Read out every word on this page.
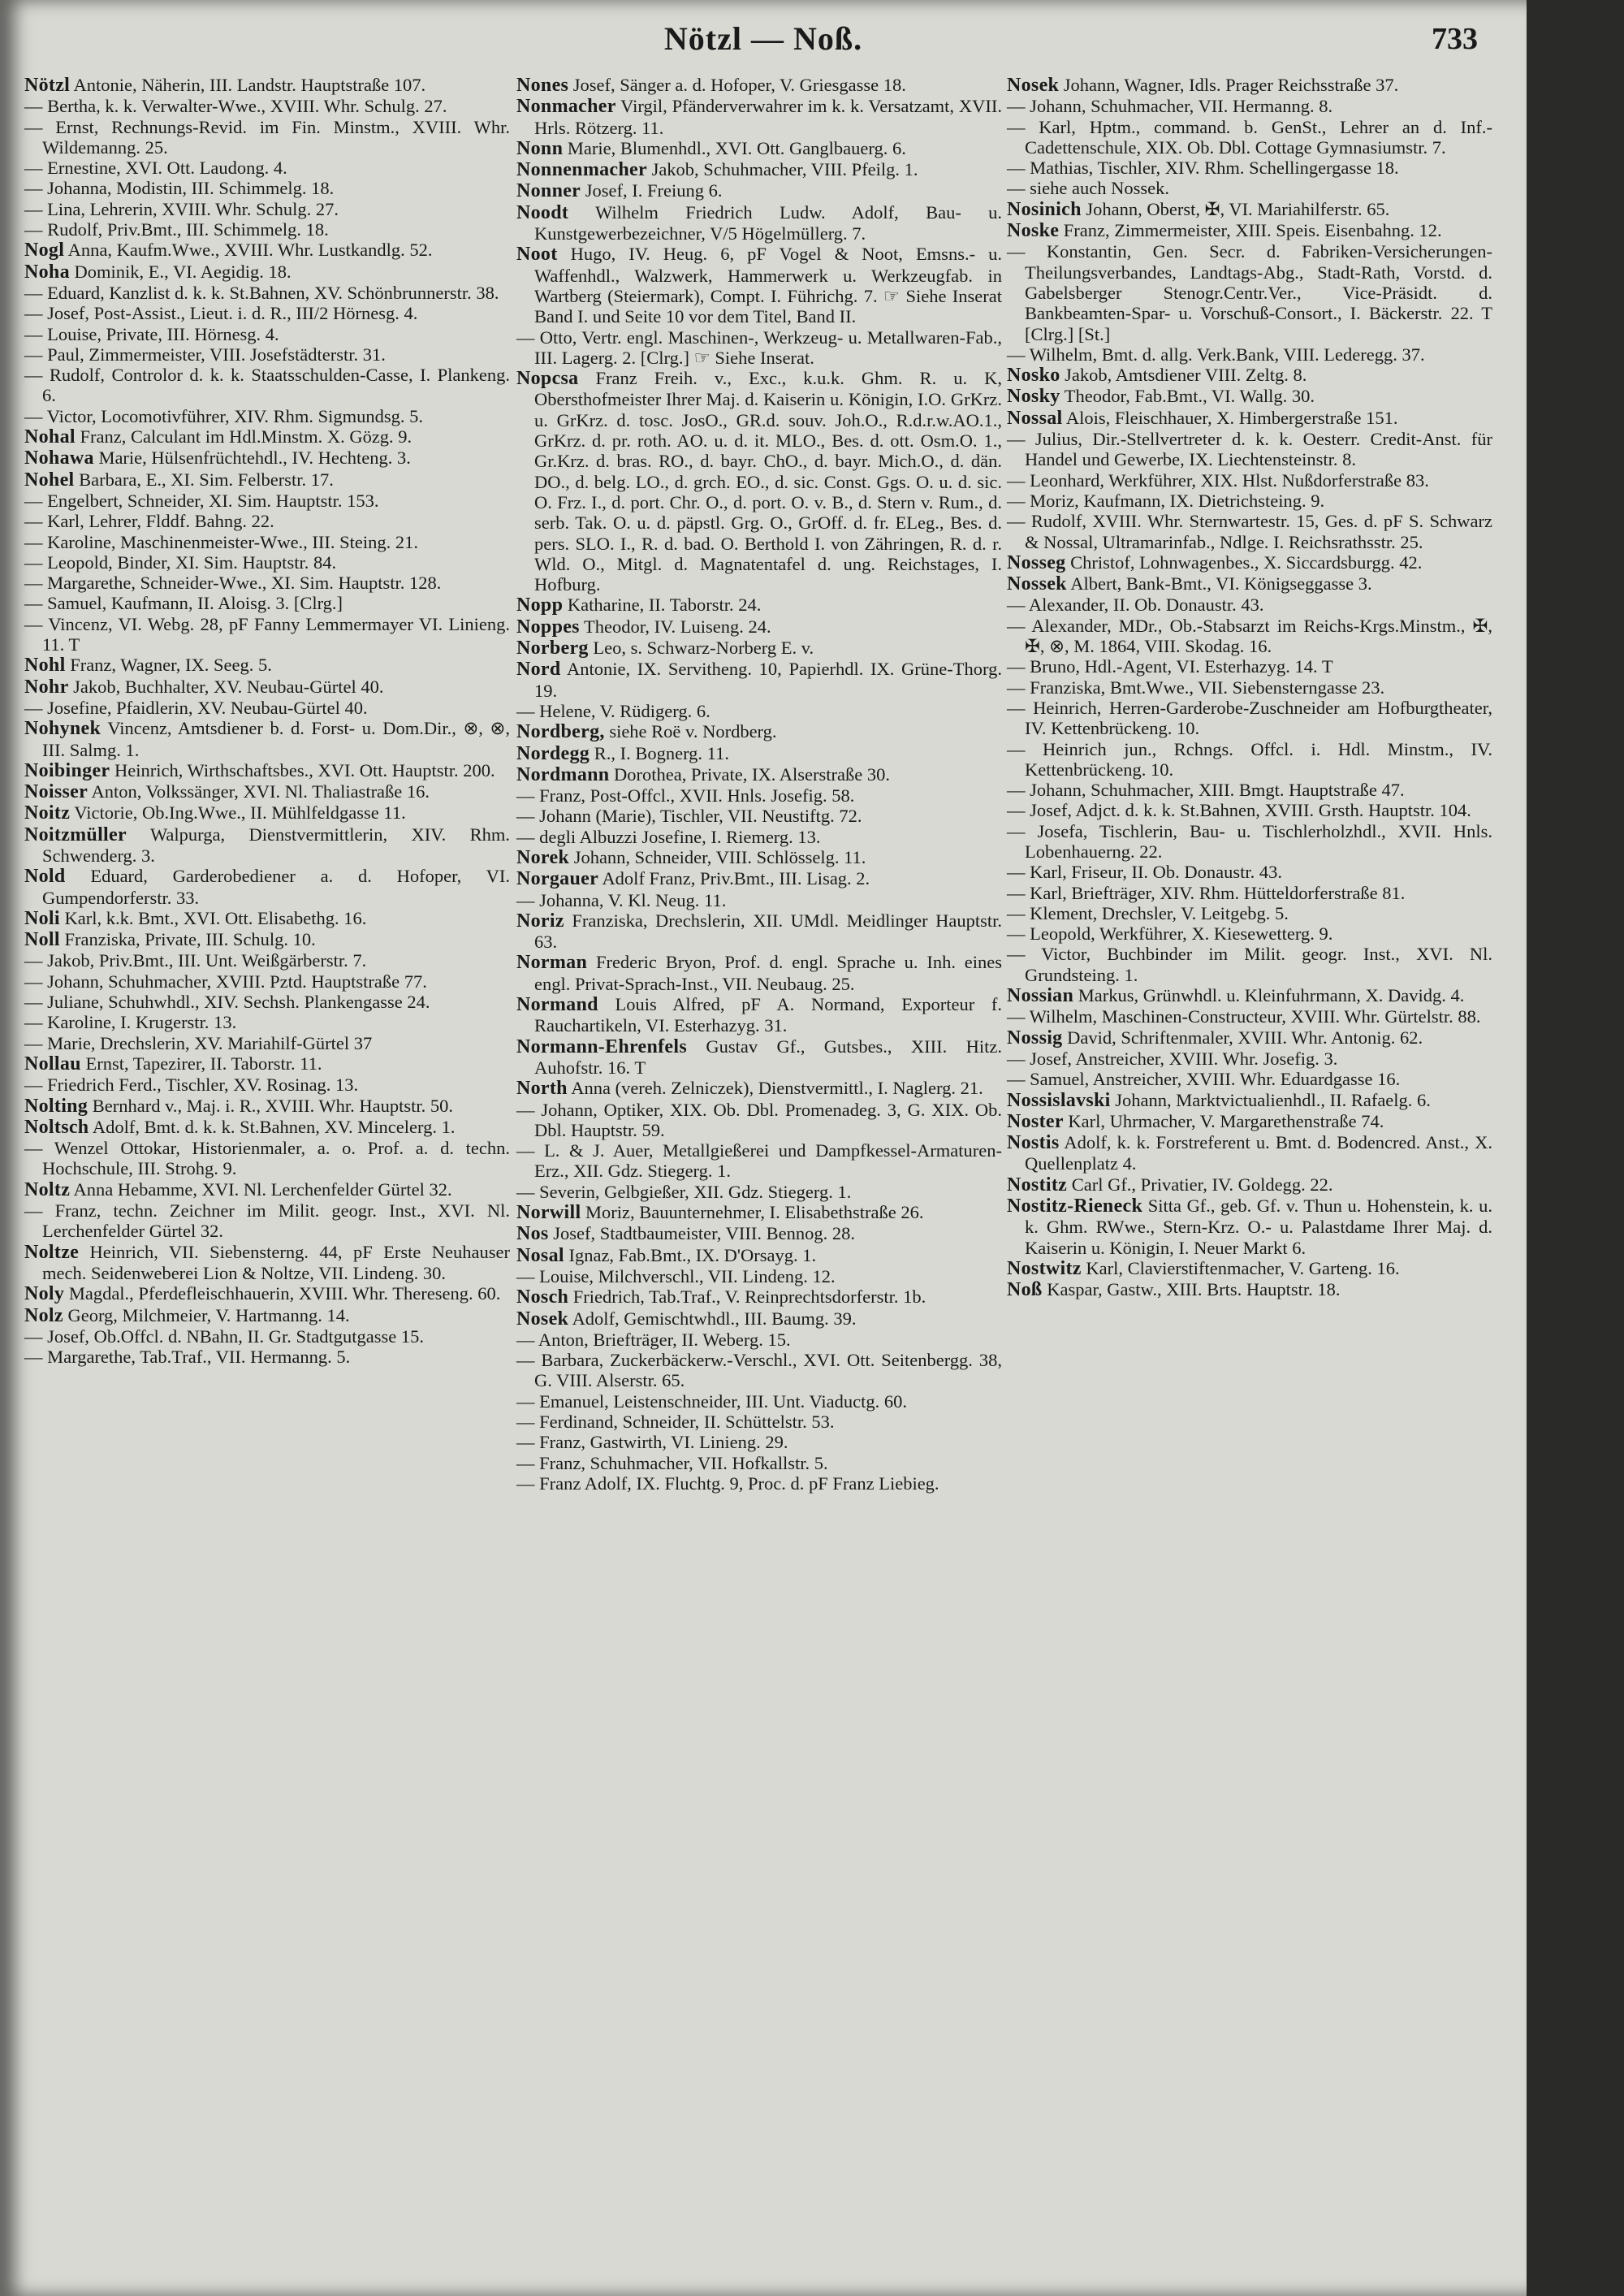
Nötzl — Noß.	733
Nötzl Antonie, Näherin, III. Landstr. Hauptstraße 107.
— Bertha, k. k. Verwalter-Wwe., XVIII. Whr. Schulg. 27.
— Ernst, Rechnungs-Revid. im Fin. Minstm., XVIII. Whr. Wildemanng. 25.
— Ernestine, XVI. Ott. Laudong. 4.
— Johanna, Modistin, III. Schimmelg. 18.
— Lina, Lehrerin, XVIII. Whr. Schulg. 27.
— Rudolf, Priv.Bmt., III. Schimmelg. 18.
Nogl Anna, Kaufm.Wwe., XVIII. Whr. Lustkandlg. 52.
Noha Dominik, E., VI. Aegidig. 18.
— Eduard, Kanzlist d. k. k. St.Bahnen, XV. Schönbrunnerstr. 38.
— Josef, Post-Assist., Lieut. i. d. R., III/2 Hörnesg. 4.
— Louise, Private, III. Hörnesg. 4.
— Paul, Zimmermeister, VIII. Josefstädterstr. 31.
— Rudolf, Controlor d. k. k. Staatsschulden-Casse, I. Plankeng. 6.
— Victor, Locomotivführer, XIV. Rhm. Sigmundsg. 5.
Nohal Franz, Calculant im Hdl.Minstm. X. Gözg. 9.
Nohawa Marie, Hülsenfrüchtehdl., IV. Hechteng. 3.
Nohel Barbara, E., XI. Sim. Felberstr. 17.
— Engelbert, Schneider, XI. Sim. Hauptstr. 153.
— Karl, Lehrer, Flddf. Bahng. 22.
— Karoline, Maschinenmeister-Wwe., III. Steing. 21.
— Leopold, Binder, XI. Sim. Hauptstr. 84.
— Margarethe, Schneider-Wwe., XI. Sim. Hauptstr. 128.
— Samuel, Kaufmann, II. Aloisg. 3. [Clrg.]
— Vincenz, VI. Webg. 28, pF Fanny Lemmermayer VI. Linieng. 11. T
Nohl Franz, Wagner, IX. Seeg. 5.
Nohr Jakob, Buchhalter, XV. Neubau-Gürtel 40.
— Josefine, Pfaidlerin, XV. Neubau-Gürtel 40.
Nohynek Vincenz, Amtsdiener b. d. Forst- u. Dom.Dir., ⊗, ⊗, III. Salmg. 1.
Noibinger Heinrich, Wirthschaftsbes., XVI. Ott. Hauptstr. 200.
Noisser Anton, Volkssänger, XVI. Nl. Thaliastraße 16.
Noitz Victorie, Ob.Ing.Wwe., II. Mühlfeldgasse 11.
Noitzmüller Walpurga, Dienstvermittlerin, XIV. Rhm. Schwenderg. 3.
Nold Eduard, Garderobediener a. d. Hofoper, VI. Gumpendorferstr. 33.
Noli Karl, k.k. Bmt., XVI. Ott. Elisabethg. 16.
Noll Franziska, Private, III. Schulg. 10.
— Jakob, Priv.Bmt., III. Unt. Weißgärberstr. 7.
— Johann, Schuhmacher, XVIII. Pztd. Hauptstraße 77.
— Juliane, Schuhwhdl., XIV. Sechsh. Plankengasse 24.
— Karoline, I. Krugerstr. 13.
— Marie, Drechslerin, XV. Mariahilf-Gürtel 37
Nollau Ernst, Tapezirer, II. Taborstr. 11.
— Friedrich Ferd., Tischler, XV. Rosinag. 13.
Nolting Bernhard v., Maj. i. R., XVIII. Whr. Hauptstr. 50.
Noltsch Adolf, Bmt. d. k. k. St.Bahnen, XV. Mincelerg. 1.
— Wenzel Ottokar, Historienmaler, a. o. Prof. a. d. techn. Hochschule, III. Strohg. 9.
Noltz Anna Hebamme, XVI. Nl. Lerchenfelder Gürtel 32.
— Franz, techn. Zeichner im Milit. geogr. Inst., XVI. Nl. Lerchenfelder Gürtel 32.
Noltze Heinrich, VII. Siebensterng. 44, pF Erste Neuhauser mech. Seidenweberei Lion & Noltze, VII. Lindeng. 30.
Noly Magdal., Pferdefleischhauerin, XVIII. Whr. Thereseng. 60.
Nolz Georg, Milchmeier, V. Hartmanng. 14.
— Josef, Ob.Offcl. d. NBahn, II. Gr. Stadtgutgasse 15.
— Margarethe, Tab.Traf., VII. Hermanng. 5.
Nones Josef, Sänger a. d. Hofoper, V. Griesgasse 18.
Nonmacher Virgil, Pfänderverwahrer im k. k. Versatzamt, XVII. Hrls. Rötzerg. 11.
Nonn Marie, Blumenhdl., XVI. Ott. Ganglbauerg. 6.
Nonnenmacher Jakob, Schuhmacher, VIII. Pfeilg. 1.
Nonner Josef, I. Freiung 6.
Noodt Wilhelm Friedrich Ludw. Adolf, Bau- u. Kunstgewerbezeichner, V/5 Högelmüllerg. 7.
Noot Hugo, IV. Heug. 6, pF Vogel & Noot, Emsns.- u. Waffenhdl., Walzwerk, Hammerwerk u. Werkzeugfab. in Wartberg (Steiermark), Compt. I. Führichg. 7. ☞ Siehe Inserat Band I. und Seite 10 vor dem Titel, Band II.
— Otto, Vertr. engl. Maschinen-, Werkzeug- u. Metallwaren-Fab., III. Lagerg. 2. [Clrg.] ☞ Siehe Inserat.
Nopcsa Franz Freih. v., Exc., k.u.k. Ghm. R. u. K, Obersthofmeister Ihrer Maj. d. Kaiserin u. Königin, I.O. GrKrz. u. GrKrz. d. tosc. JosO., GR.d. souv. Joh.O., R.d.r.w.AO.1., GrKrz. d. pr. roth. AO. u. d. it. MLO., Bes. d. ott. Osm.O. 1., Gr.Krz. d. bras. RO., d. bayr. ChO., d. bayr. Mich.O., d. dän. DO., d. belg. LO., d. grch. EO., d. sic. Const. Ggs. O. u. d. sic. O. Frz. I., d. port. Chr. O., d. port. O. v. B., d. Stern v. Rum., d. serb. Tak. O. u. d. päpstl. Grg. O., GrOff. d. fr. ELeg., Bes. d. pers. SLO. I., R. d. bad. O. Berthold I. von Zähringen, R. d. r. Wld. O., Mitgl. d. Magnatentafel d. ung. Reichstages, I. Hofburg.
Nopp Katharine, II. Taborstr. 24.
Noppes Theodor, IV. Luiseng. 24.
Norberg Leo, s. Schwarz-Norberg E. v.
Nord Antonie, IX. Servitheng. 10, Papierhdl. IX. Grüne-Thorg. 19.
— Helene, V. Rüdigerg. 6.
Nordberg, siehe Roë v. Nordberg.
Nordegg R., I. Bognerg. 11.
Nordmann Dorothea, Private, IX. Alserstraße 30.
— Franz, Post-Offcl., XVII. Hnls. Josefig. 58.
— Johann (Marie), Tischler, VII. Neustiftg. 72.
— degli Albuzzi Josefine, I. Riemerg. 13.
Norek Johann, Schneider, VIII. Schlösselg. 11.
Norgauer Adolf Franz, Priv.Bmt., III. Lisag. 2.
— Johanna, V. Kl. Neug. 11.
Noriz Franziska, Drechslerin, XII. UMdl. Meidlinger Hauptstr. 63.
Norman Frederic Bryon, Prof. d. engl. Sprache u. Inh. eines engl. Privat-Sprach-Inst., VII. Neubaug. 25.
Normand Louis Alfred, pF A. Normand, Exporteur f. Rauchartikeln, VI. Esterhazyg. 31.
Normann-Ehrenfels Gustav Gf., Gutsbes., XIII. Hitz. Auhofstr. 16. T
North Anna (vereh. Zelniczek), Dienstvermittl., I. Naglerg. 21.
— Johann, Optiker, XIX. Ob. Dbl. Promenadeg. 3, G. XIX. Ob. Dbl. Hauptstr. 59.
— L. & J. Auer, Metallgießerei und Dampfkessel-Armaturen-Erz., XII. Gdz. Stiegerg. 1.
— Severin, Gelbgießer, XII. Gdz. Stiegerg. 1.
Norwill Moriz, Bauunternehmer, I. Elisabethstraße 26.
Nos Josef, Stadtbaumeister, VIII. Bennog. 28.
Nosal Ignaz, Fab.Bmt., IX. D'Orsayg. 1.
— Louise, Milchverschl., VII. Lindeng. 12.
Nosch Friedrich, Tab.Traf., V. Reinprechtsdorferstr. 1b.
Nosek Adolf, Gemischtwhdl., III. Baumg. 39.
— Anton, Briefträger, II. Weberg. 15.
— Barbara, Zuckerbäckerw.-Verschl., XVI. Ott. Seitenbergg. 38, G. VIII. Alserstr. 65.
— Emanuel, Leistenschneider, III. Unt. Viaductg. 60.
— Ferdinand, Schneider, II. Schüttelstr. 53.
— Franz, Gastwirth, VI. Linieng. 29.
— Franz, Schuhmacher, VII. Hofkallstr. 5.
— Franz Adolf, IX. Fluchtg. 9, Proc. d. pF Franz Liebieg.
Nosek Johann, Wagner, Idls. Prager Reichsstraße 37.
— Johann, Schuhmacher, VII. Hermanng. 8.
— Karl, Hptm., command. b. GenSt., Lehrer an d. Inf.-Cadettenschule, XIX. Ob. Dbl. Cottage Gymnasiumstr. 7.
— Mathias, Tischler, XIV. Rhm. Schellingergasse 18.
— siehe auch Nossek.
Nosinich Johann, Oberst, ✠, VI. Mariahilferstr. 65.
Noske Franz, Zimmermeister, XIII. Speis. Eisenbahng. 12.
— Konstantin, Gen. Secr. d. Fabriken-Versicherungen-Theilungsverbandes, Landtags-Abg., Stadt-Rath, Vorstd. d. Gabelsberger Stenogr.Centr.Ver., Vice-Präsidt. d. Bankbeamten-Spar- u. Vorschuß-Consort., I. Bäckerstr. 22. T [Clrg.] [St.]
— Wilhelm, Bmt. d. allg. Verk.Bank, VIII. Lederegg. 37.
Nosko Jakob, Amtsdiener VIII. Zeltg. 8.
Nosky Theodor, Fab.Bmt., VI. Wallg. 30.
Nossal Alois, Fleischhauer, X. Himbergerstraße 151.
— Julius, Dir.-Stellvertreter d. k. k. Oesterr. Credit-Anst. für Handel und Gewerbe, IX. Liechtensteinstr. 8.
— Leonhard, Werkführer, XIX. Hlst. Nußdorferstraße 83.
— Moriz, Kaufmann, IX. Dietrichsteing. 9.
— Rudolf, XVIII. Whr. Sternwartestr. 15, Ges. d. pF S. Schwarz & Nossal, Ultramarinfab., Ndlge. I. Reichsrathsstr. 25.
Nosseg Christof, Lohnwagenbes., X. Siccardsburgg. 42.
Nossek Albert, Bank-Bmt., VI. Königseggasse 3.
— Alexander, II. Ob. Donaustr. 43.
— Alexander, MDr., Ob.-Stabsarzt im Reichs-Krgs.Minstm., ✠, ✠, ⊗, M. 1864, VIII. Skodag. 16.
— Bruno, Hdl.-Agent, VI. Esterhazyg. 14. T
— Franziska, Bmt.Wwe., VII. Siebensterngasse 23.
— Heinrich, Herren-Garderobe-Zuschneider am Hofburgtheater, IV. Kettenbrückeng. 10.
— Heinrich jun., Rchngs. Offcl. i. Hdl. Minstm., IV. Kettenbrückeng. 10.
— Johann, Schuhmacher, XIII. Bmgt. Hauptstraße 47.
— Josef, Adjct. d. k. k. St.Bahnen, XVIII. Grsth. Hauptstr. 104.
— Josefa, Tischlerin, Bau- u. Tischlerholzhdl., XVII. Hnls. Lobenhauerng. 22.
— Karl, Friseur, II. Ob. Donaustr. 43.
— Karl, Briefträger, XIV. Rhm. Hütteldorferstraße 81.
— Klement, Drechsler, V. Leitgebg. 5.
— Leopold, Werkführer, X. Kiesewetterg. 9.
— Victor, Buchbinder im Milit. geogr. Inst., XVI. Nl. Grundsteing. 1.
Nossian Markus, Grünwhdl. u. Kleinfuhrmann, X. Davidg. 4.
— Wilhelm, Maschinen-Constructeur, XVIII. Whr. Gürtelstr. 88.
Nossig David, Schriftenmaler, XVIII. Whr. Antonig. 62.
— Josef, Anstreicher, XVIII. Whr. Josefig. 3.
— Samuel, Anstreicher, XVIII. Whr. Eduardgasse 16.
Nossislavski Johann, Marktvictualienhdl., II. Rafaelg. 6.
Noster Karl, Uhrmacher, V. Margarethenstraße 74.
Nostis Adolf, k. k. Forstreferent u. Bmt. d. Bodencred. Anst., X. Quellenplatz 4.
Nostitz Carl Gf., Privatier, IV. Goldegg. 22.
Nostitz-Rieneck Sitta Gf., geb. Gf. v. Thun u. Hohenstein, k. u. k. Ghm. RWwe., Stern-Krz. O.- u. Palastdame Ihrer Maj. d. Kaiserin u. Königin, I. Neuer Markt 6.
Nostwitz Karl, Clavierstiftenmacher, V. Garteng. 16.
Noß Kaspar, Gastw., XIII. Brts. Hauptstr. 18.
